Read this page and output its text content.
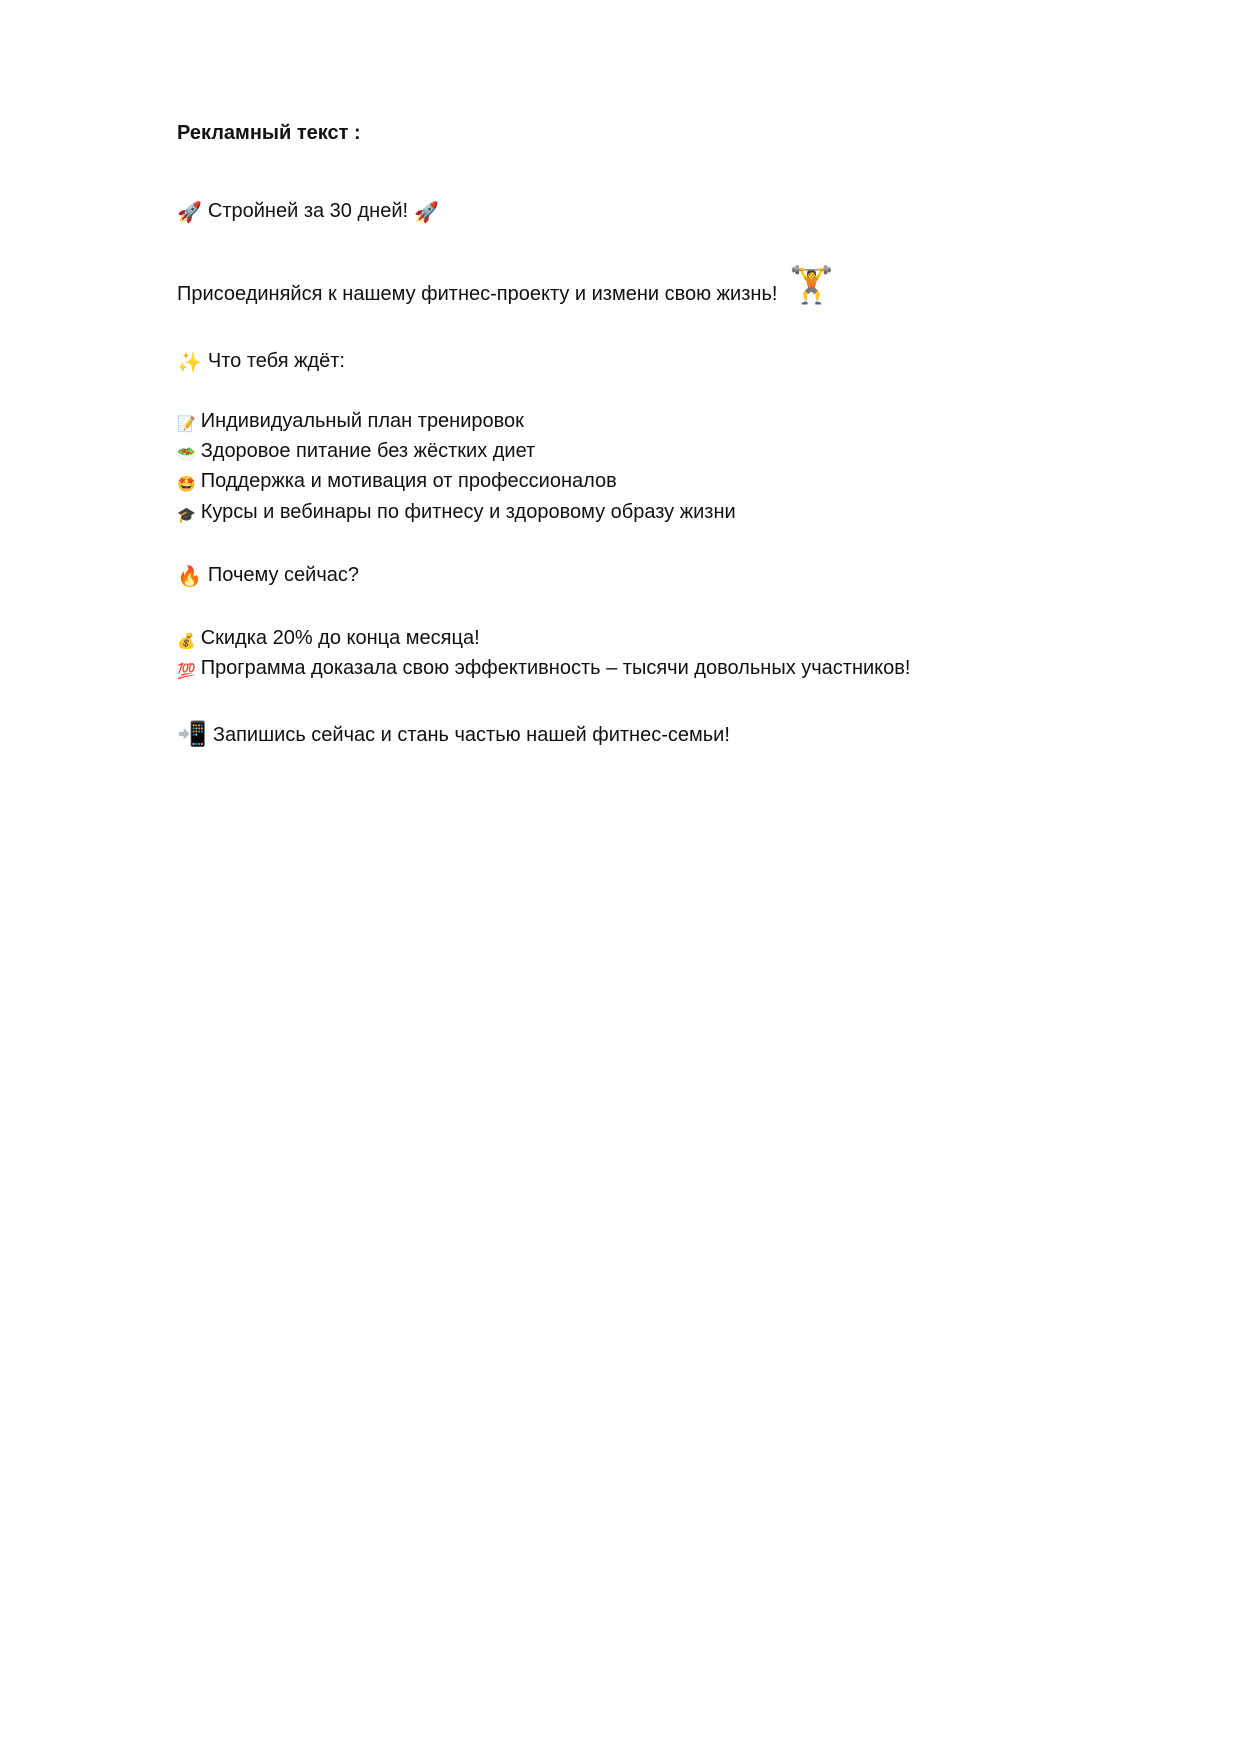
Рекламный текст :
🚀 Стройней за 30 дней! 🚀
Присоединяйся к нашему фитнес-проекту и измени свою жизнь! 🏋
✨ Что тебя ждёт:
📝 Индивидуальный план тренировок
🥗 Здоровое питание без жёстких диет
🤩 Поддержка и мотивация от профессионалов
🎓 Курсы и вебинары по фитнесу и здоровому образу жизни
🔥 Почему сейчас?
💰 Скидка 20% до конца месяца!
💯 Программа доказала свою эффективность – тысячи довольных участников!
📲 Запишись сейчас и стань частью нашей фитнес-семьи!
